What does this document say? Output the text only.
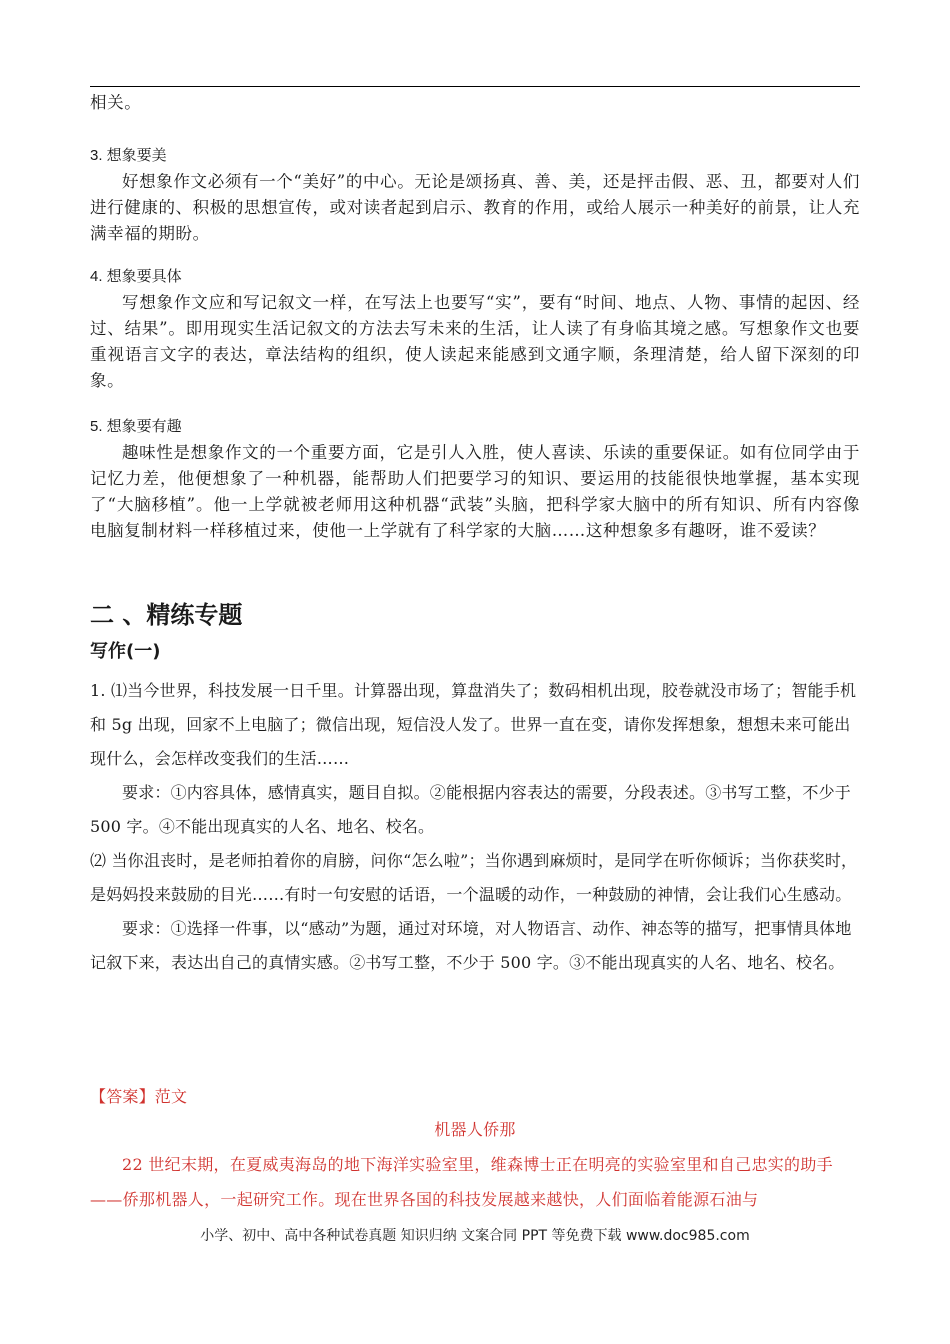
相关。

3. 想象要美

好想象作文必须有一个“美好”的中心。无论是颂扬真、善、美，还是抨击假、恶、丑，都要对人们进行健康的、积极的思想宣传，或对读者起到启示、教育的作用，或给人展示一种美好的前景，让人充满幸福的期盼。

4. 想象要具体

写想象作文应和写记叙文一样，在写法上也要写“实”，要有“时间、地点、人物、事情的起因、经 过、结果”。即用现实生活记叙文的方法去写未来的生活，让人读了有身临其境之感。写想象作文也要重视语言文字的表达，章法结构的组织，使人读起来能感到文通字顺，条理清楚，给人留下深刻的印象。

5. 想象要有趣

趣味性是想象作文的一个重要方面，它是引人入胜，使人喜读、乐读的重要保证。如有位同学由于记忆力差，他便想象了一种机器，能帮助人们把要学习的知识、要运用的技能很快地掌握，基本实现了“大脑移植”。他一上学就被老师用这种机器“武装”头脑，把科学家大脑中的所有知识、所有内容像电脑复制材料一样移植过来，使他一上学就有了科学家的大脑……这种想象多有趣呀，谁不爱读？

二 、精练专题

写作(一)

1. ⑴当今世界，科技发展一日千里。计算器出现，算盘消失了；数码相机出现，胶卷就没市场了；智能手机和 5g 出现，回家不上电脑了；微信出现，短信没人发了。世界一直在变，请你发挥想象，想想未来可能出现什么，会怎样改变我们的生活……

要求：①内容具体，感情真实，题目自拟。②能根据内容表达的需要，分段表述。③书写工整，不少于 500 字。④不能出现真实的人名、地名、校名。

⑵ 当你沮丧时，是老师拍着你的肩膀，问你“怎么啦”；当你遇到麻烦时，是同学在听你倾诉；当你获奖时，是妈妈投来鼓励的目光……有时一句安慰的话语，一个温暖的动作，一种鼓励的神情，会让我们心生感动。

要求：①选择一件事，以“感动”为题，通过对环境，对人物语言、动作、神态等的描写，把事情具体地记叙下来，表达出自己的真情实感。②书写工整，不少于 500 字。③不能出现真实的人名、地名、校名。

【答案】范文

机器人侨那

22 世纪末期，在夏威夷海岛的地下海洋实验室里，维森博士正在明亮的实验室里和自己忠实的助手——侨那机器人，一起研究工作。现在世界各国的科技发展越来越快，人们面临着能源石油与

小学、初中、高中各种试卷真题 知识归纳 文案合同 PPT 等免费下载 www.doc985.com
